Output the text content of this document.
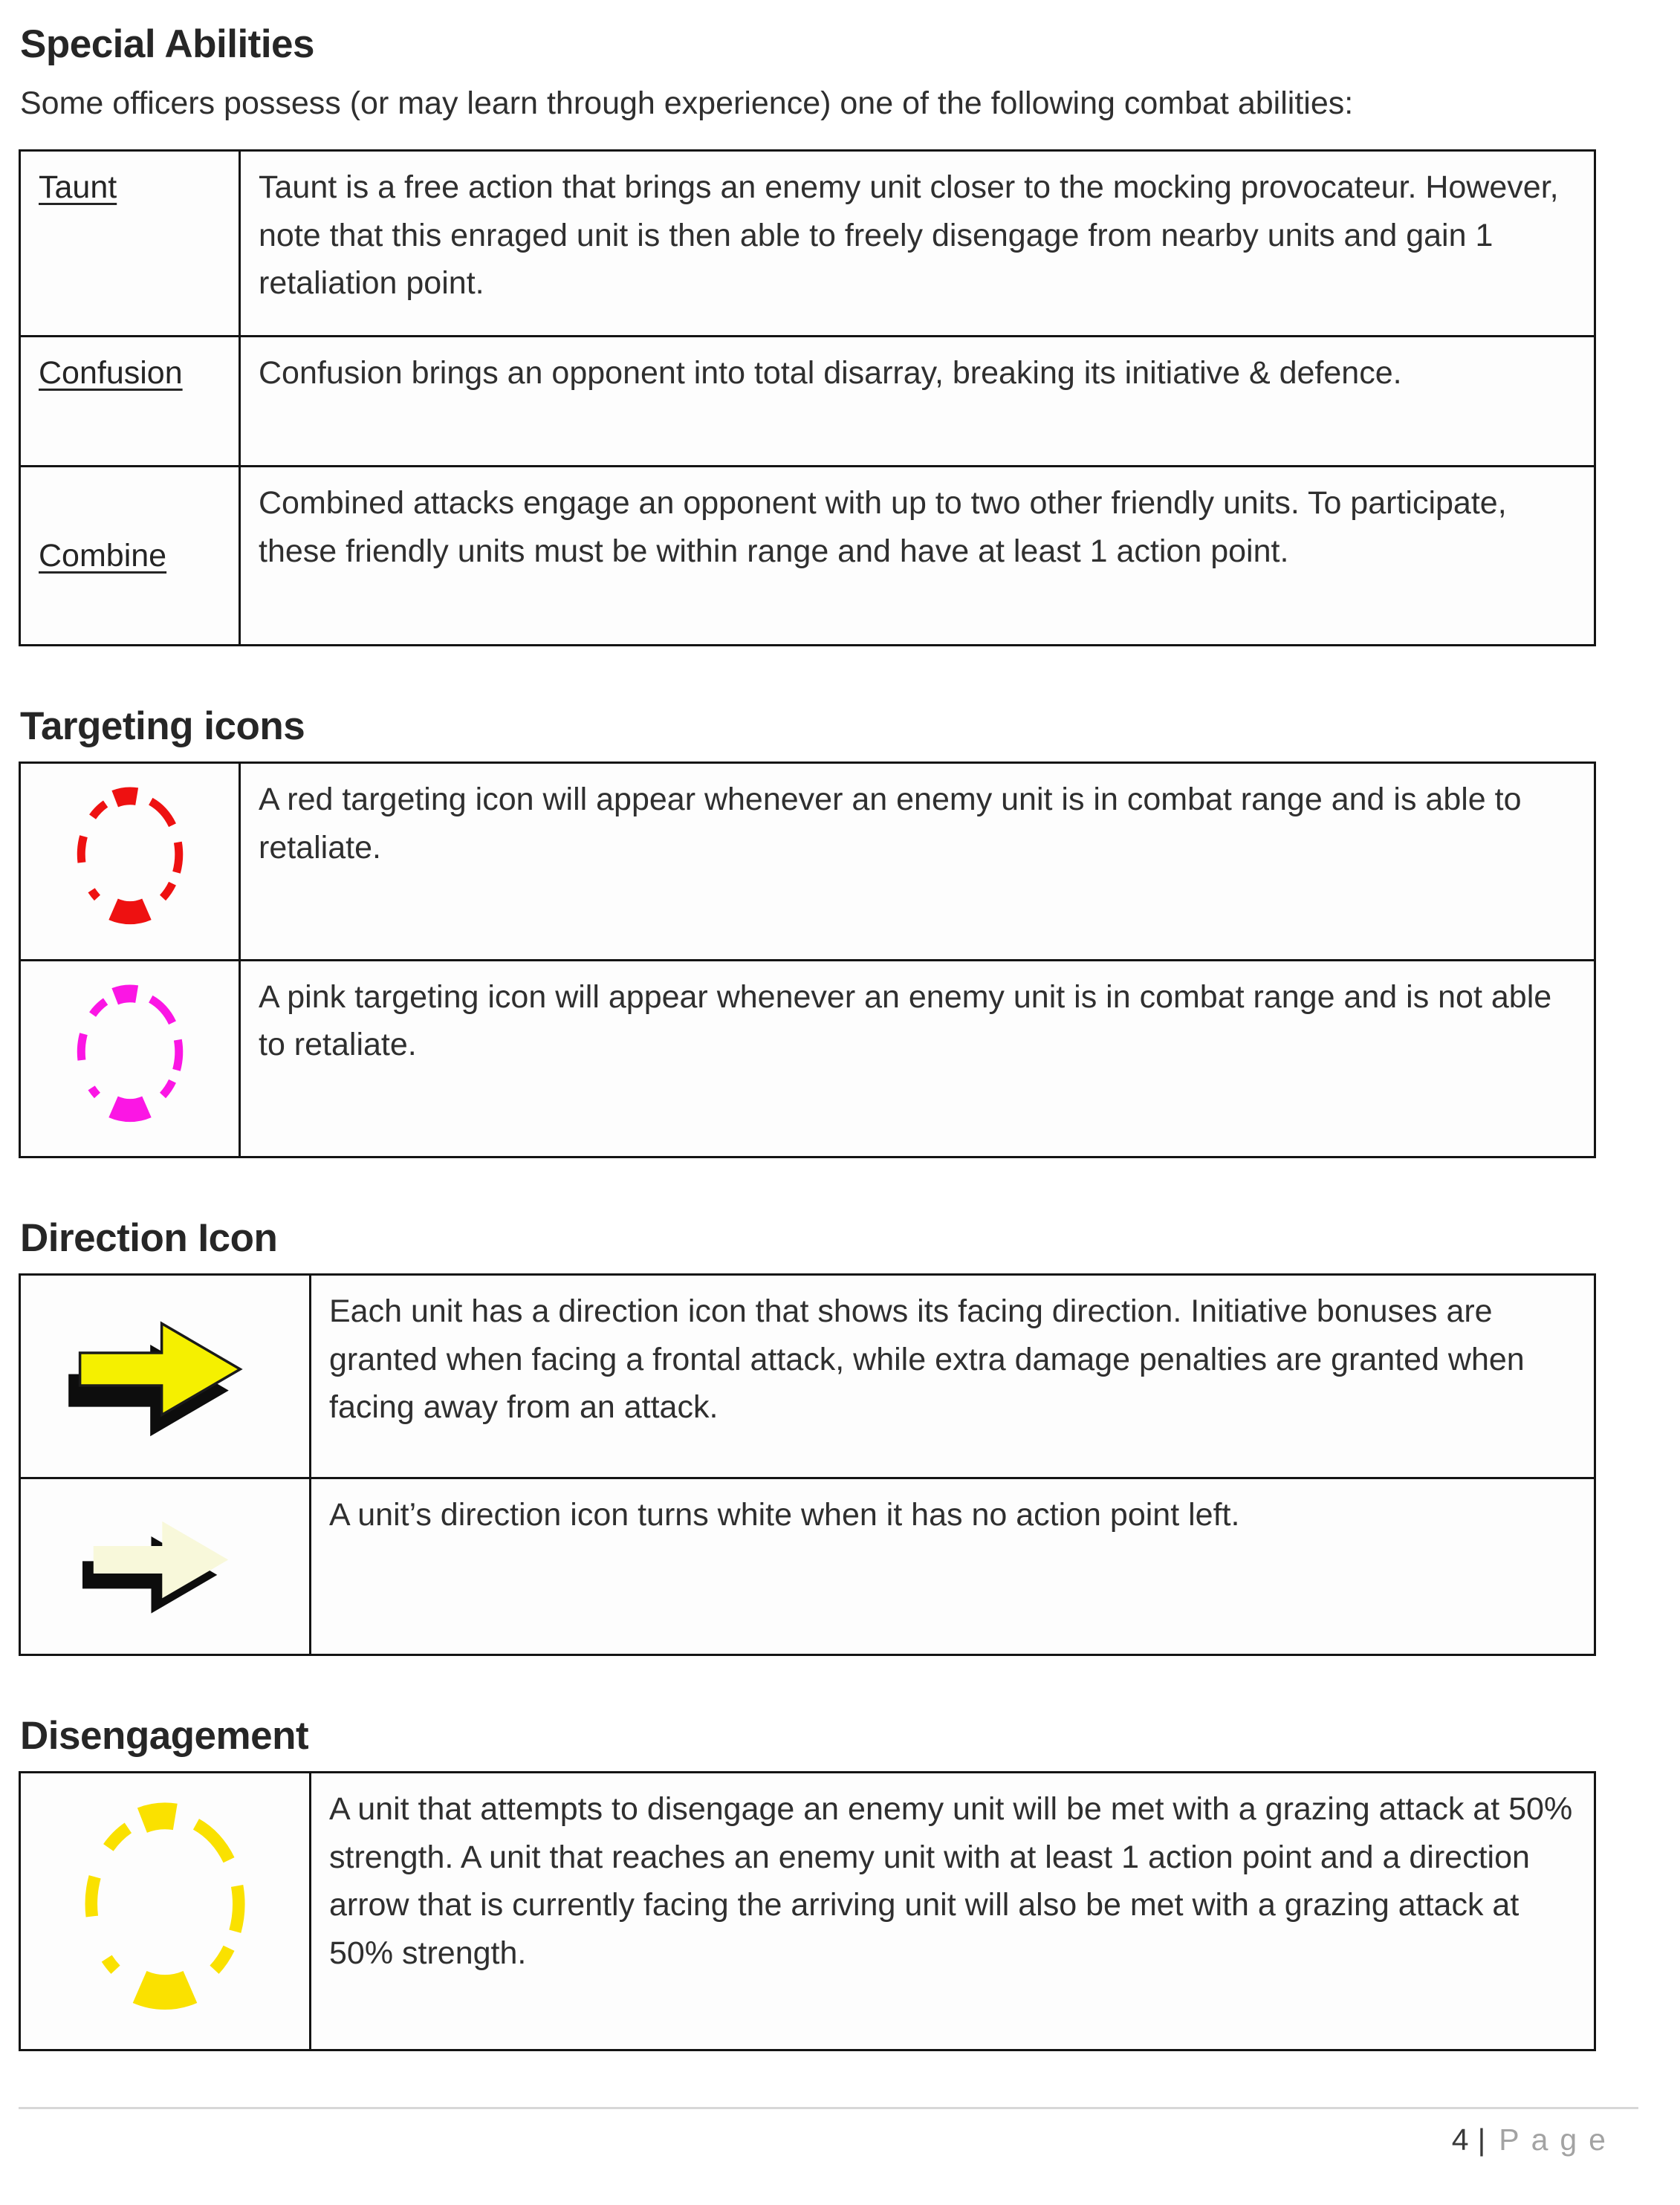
Special Abilities

Some officers possess (or may learn through experience) one of the following combat abilities:

Taunt	Taunt is a free action that brings an enemy unit closer to the mocking provocateur. However, note that this enraged unit is then able to freely disengage from nearby units and gain 1 retaliation point.
Confusion	Confusion brings an opponent into total disarray, breaking its initiative & defence.
Combine	Combined attacks engage an opponent with up to two other friendly units. To participate, these friendly units must be within range and have at least 1 action point.
Targeting icons
	A red targeting icon will appear whenever an enemy unit is in combat range and is able to retaliate.
	A pink targeting icon will appear whenever an enemy unit is in combat range and is not able to retaliate.
Direction Icon
	Each unit has a direction icon that shows its facing direction. Initiative bonuses are granted when facing a frontal attack, while extra damage penalties are granted when facing away from an attack.
	A unit’s direction icon turns white when it has no action point left.
Disengagement
	A unit that attempts to disengage an enemy unit will be met with a grazing attack at 50% strength. A unit that reaches an enemy unit with at least 1 action point and a direction arrow that is currently facing the arriving unit will also be met with a grazing attack at 50% strength.
4 | Page
